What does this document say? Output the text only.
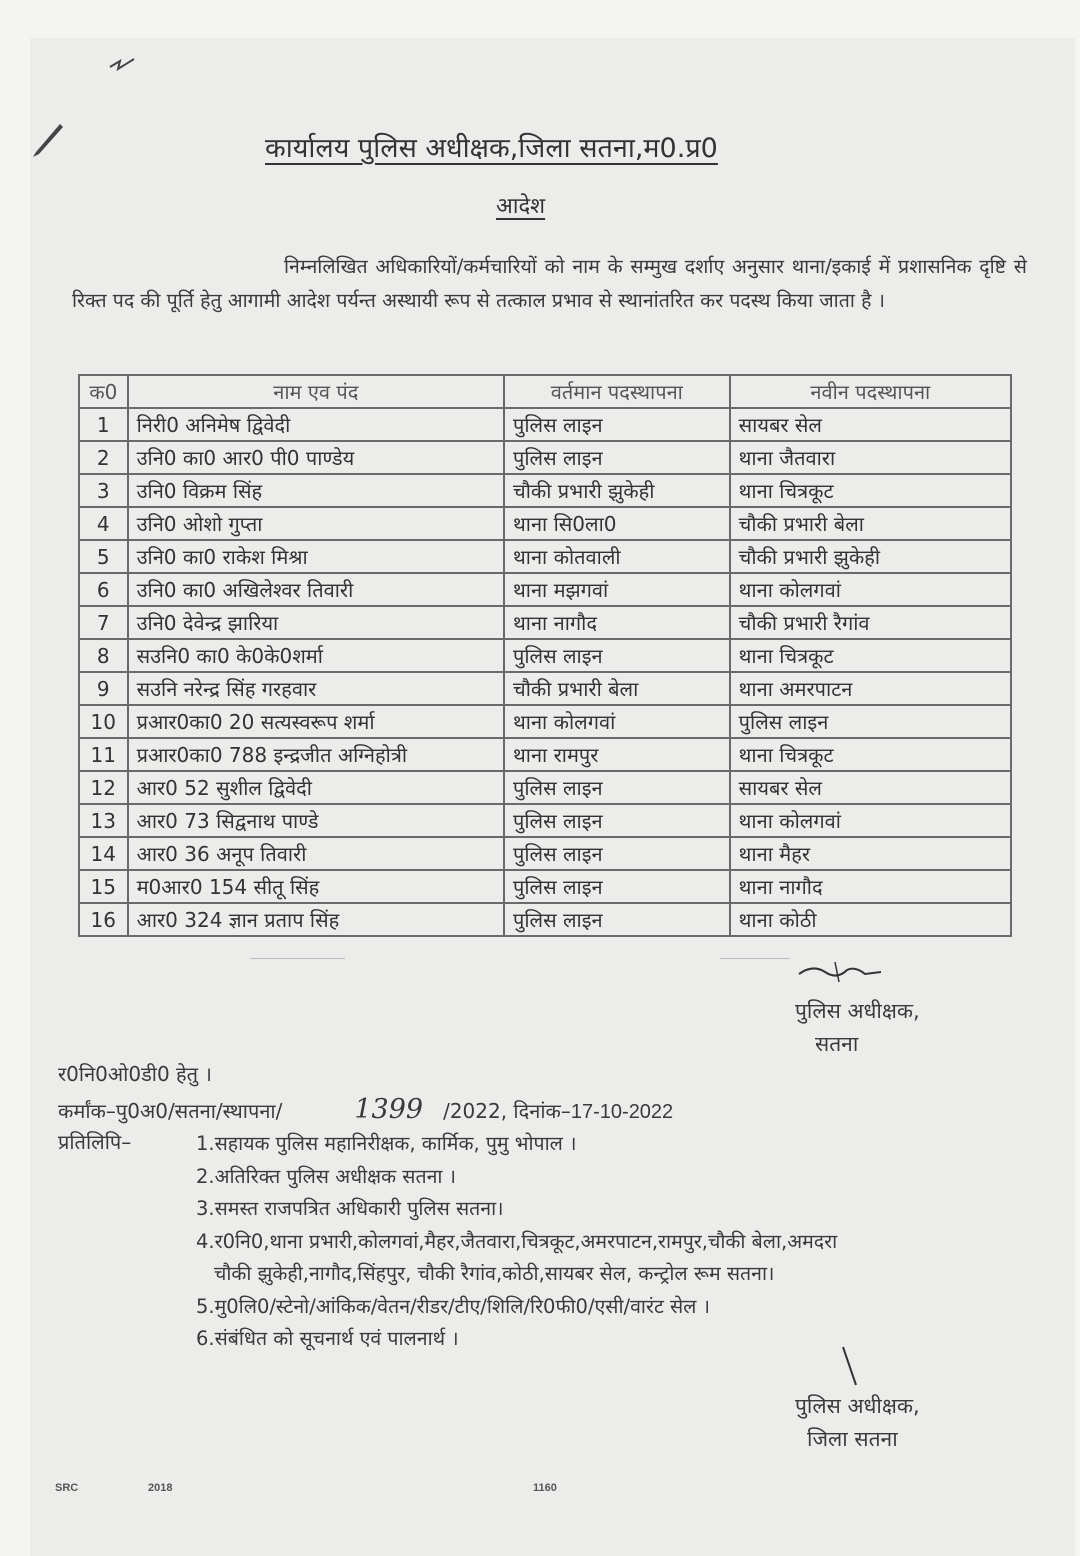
कार्यालय पुलिस अधीक्षक,जिला सतना,म0.प्र0
आदेश
निम्नलिखित अधिकारियों/कर्मचारियों को नाम के सम्मुख दर्शाए अनुसार थाना/इकाई में प्रशासनिक दृष्टि से रिक्त पद की पूर्ति हेतु आगामी आदेश पर्यन्त अस्थायी रूप से तत्काल प्रभाव से स्थानांतरित कर पदस्थ किया जाता है ।
क0	नाम एव पंद	वर्तमान पदस्थापना	नवीन पदस्थापना
1	निरी0 अनिमेष द्विवेदी	पुलिस लाइन	सायबर सेल
2	उनि0 का0 आर0 पी0 पाण्डेय	पुलिस लाइन	थाना जैतवारा
3	उनि0 विक्रम सिंह	चौकी प्रभारी झुकेही	थाना चित्रकूट
4	उनि0 ओशो गुप्ता	थाना सि0ला0	चौकी प्रभारी बेला
5	उनि0 का0 राकेश मिश्रा	थाना कोतवाली	चौकी प्रभारी झुकेही
6	उनि0 का0 अखिलेश्वर तिवारी	थाना मझगवां	थाना कोलगवां
7	उनि0 देवेन्द्र झारिया	थाना नागौद	चौकी प्रभारी रैगांव
8	सउनि0 का0 के0के0शर्मा	पुलिस लाइन	थाना चित्रकूट
9	सउनि नरेन्द्र सिंह गरहवार	चौकी प्रभारी बेला	थाना अमरपाटन
10	प्रआर0का0 20 सत्यस्वरूप शर्मा	थाना कोलगवां	पुलिस लाइन
11	प्रआर0का0 788 इन्द्रजीत अग्निहोत्री	थाना रामपुर	थाना चित्रकूट
12	आर0 52 सुशील द्विवेदी	पुलिस लाइन	सायबर सेल
13	आर0 73 सिद्वनाथ पाण्डे	पुलिस लाइन	थाना कोलगवां
14	आर0 36 अनूप तिवारी	पुलिस लाइन	थाना मैहर
15	म0आर0 154 सीतू सिंह	पुलिस लाइन	थाना नागौद
16	आर0 324 ज्ञान प्रताप सिंह	पुलिस लाइन	थाना कोठी
पुलिस अधीक्षक,
सतना
र0नि0ओ0डी0 हेतु ।
कर्मांक–पु0अ0/सतना/स्थापना/	1399 /2022, दिनांक–17-10-2022
प्रतिलिपि–	1.सहायक पुलिस महानिरीक्षक, कार्मिक, पुमु भोपाल ।
2.अतिरिक्त पुलिस अधीक्षक सतना ।
3.समस्त राजपत्रित अधिकारी पुलिस सतना।
4.र0नि0,थाना प्रभारी,कोलगवां,मैहर,जैतवारा,चित्रकूट,अमरपाटन,रामपुर,चौकी बेला,अमदरा
चौकी झुकेही,नागौद,सिंहपुर, चौकी रैगांव,कोठी,सायबर सेल, कन्ट्रोल रूम सतना।
5.मु0लि0/स्टेनो/आंकिक/वेतन/रीडर/टीए/शिलि/रि0फी0/एसी/वारंट सेल ।
6.संबंधित को सूचनार्थ एवं पालनार्थ ।
पुलिस अधीक्षक,
जिला सतना
SRC	2018	1160
